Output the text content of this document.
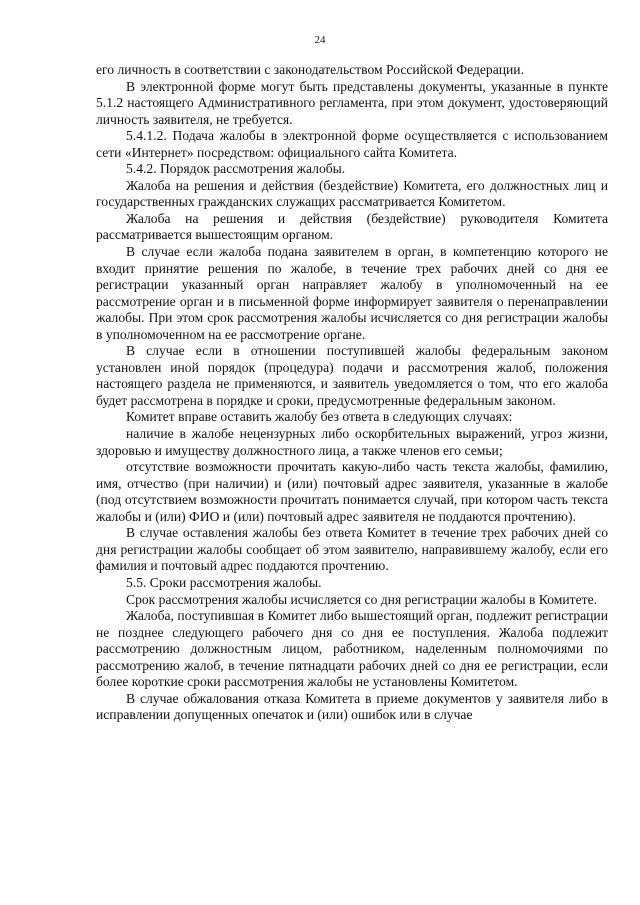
24

его личность в соответствии с законодательством Российской Федерации.

В электронной форме могут быть представлены документы, указанные в пункте 5.1.2 настоящего Административного регламента, при этом документ, удостоверяющий личность заявителя, не требуется.

5.4.1.2. Подача жалобы в электронной форме осуществляется с использованием сети «Интернет» посредством: официального сайта Комитета.

5.4.2. Порядок рассмотрения жалобы.

Жалоба на решения и действия (бездействие) Комитета, его должностных лиц и государственных гражданских служащих рассматривается Комитетом.

Жалоба на решения и действия (бездействие) руководителя Комитета рассматривается вышестоящим органом.

В случае если жалоба подана заявителем в орган, в компетенцию которого не входит принятие решения по жалобе, в течение трех рабочих дней со дня ее регистрации указанный орган направляет жалобу в уполномоченный на ее рассмотрение орган и в письменной форме информирует заявителя о перенаправлении жалобы. При этом срок рассмотрения жалобы исчисляется со дня регистрации жалобы в уполномоченном на ее рассмотрение органе.

В случае если в отношении поступившей жалобы федеральным законом установлен иной порядок (процедура) подачи и рассмотрения жалоб, положения настоящего раздела не применяются, и заявитель уведомляется о том, что его жалоба будет рассмотрена в порядке и сроки, предусмотренные федеральным законом.

Комитет вправе оставить жалобу без ответа в следующих случаях:

наличие в жалобе нецензурных либо оскорбительных выражений, угроз жизни, здоровью и имуществу должностного лица, а также членов его семьи;

отсутствие возможности прочитать какую-либо часть текста жалобы, фамилию, имя, отчество (при наличии) и (или) почтовый адрес заявителя, указанные в жалобе (под отсутствием возможности прочитать понимается случай, при котором часть текста жалобы и (или) ФИО и (или) почтовый адрес заявителя не поддаются прочтению).

В случае оставления жалобы без ответа Комитет в течение трех рабочих дней со дня регистрации жалобы сообщает об этом заявителю, направившему жалобу, если его фамилия и почтовый адрес поддаются прочтению.

5.5. Сроки рассмотрения жалобы.

Срок рассмотрения жалобы исчисляется со дня регистрации жалобы в Комитете.

Жалоба, поступившая в Комитет либо вышестоящий орган, подлежит регистрации не позднее следующего рабочего дня со дня ее поступления. Жалоба подлежит рассмотрению должностным лицом, работником, наделенным полномочиями по рассмотрению жалоб, в течение пятнадцати рабочих дней со дня ее регистрации, если более короткие сроки рассмотрения жалобы не установлены Комитетом.

В случае обжалования отказа Комитета в приеме документов у заявителя либо в исправлении допущенных опечаток и (или) ошибок или в случае
